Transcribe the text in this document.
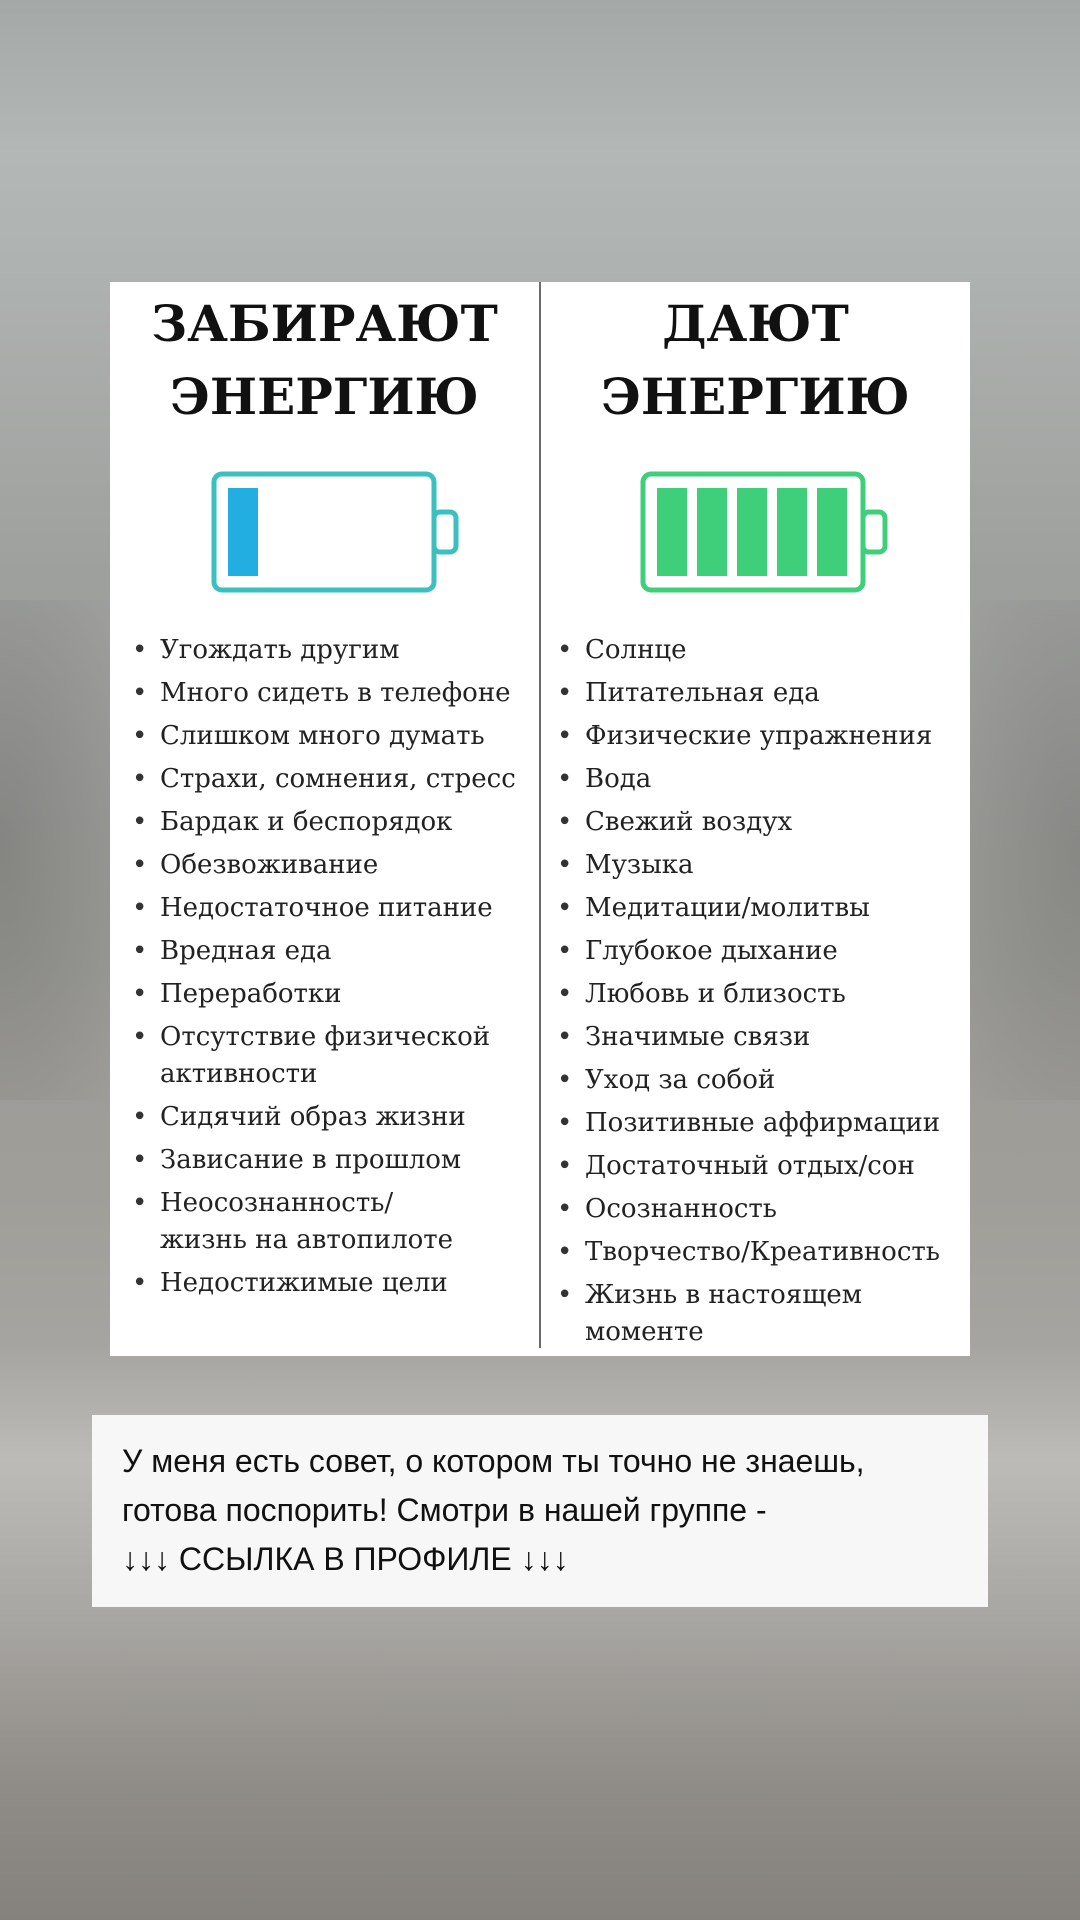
ЗАБИРАЮТ
ЭНЕРГИЮ
• Угождать другим
• Много сидеть в телефоне
• Слишком много думать
• Страхи, сомнения, стресс
• Бардак и беспорядок
• Обезвоживание
• Недостаточное питание
• Вредная еда
• Переработки
• Отсутствие физической
активности
• Сидячий образ жизни
• Зависание в прошлом
• Неосознанность/
жизнь на автопилоте
• Недостижимые цели
ДАЮТ
ЭНЕРГИЮ
• Солнце
• Питательная еда
• Физические упражнения
• Вода
• Свежий воздух
• Музыка
• Медитации/молитвы
• Глубокое дыхание
• Любовь и близость
• Значимые связи
• Уход за собой
• Позитивные аффирмации
• Достаточный отдых/сон
• Осознанность
• Творчество/Креативность
• Жизнь в настоящем
моменте

У меня есть совет, о котором ты точно не знаешь,

готова поспорить! Смотри в нашей группе -

↓↓↓ ССЫЛКА В ПРОФИЛЕ ↓↓↓
